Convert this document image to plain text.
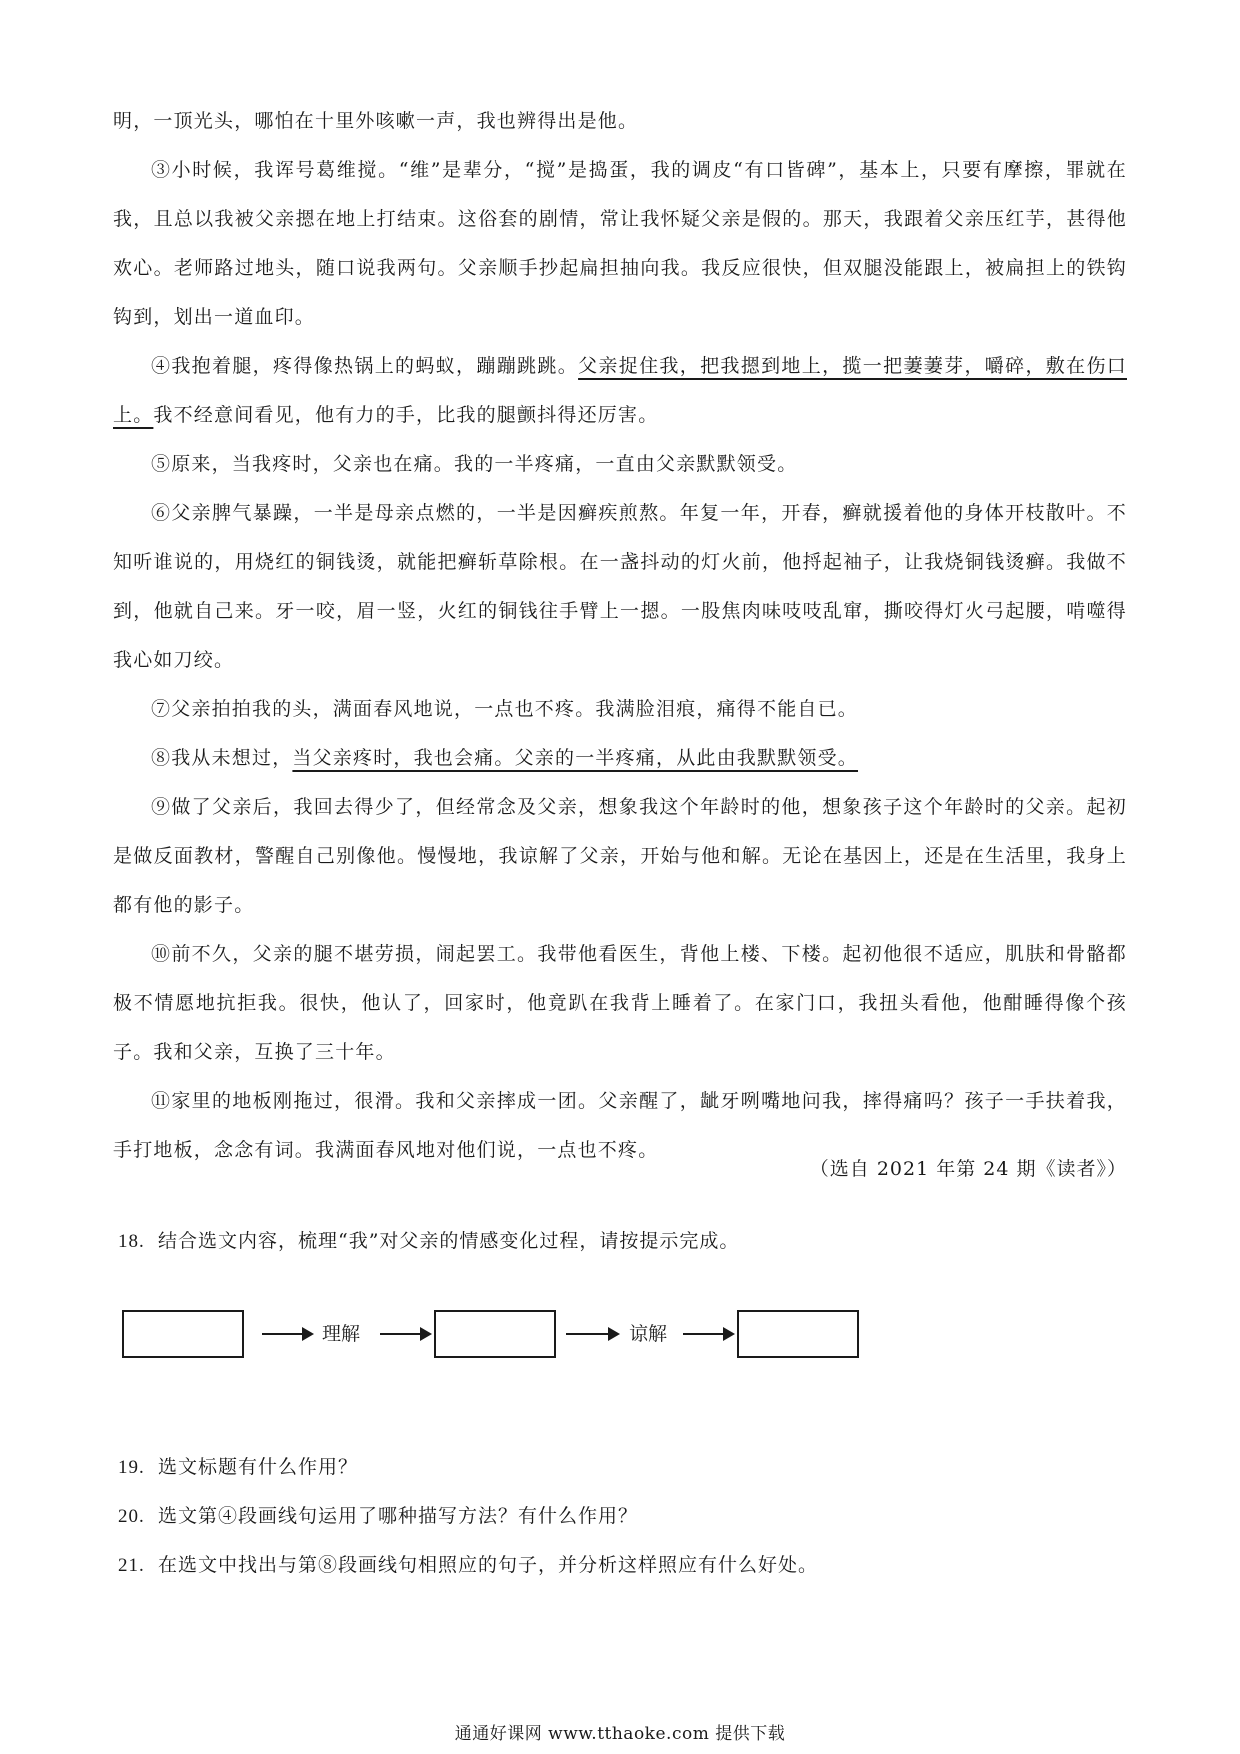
明，一顶光头，哪怕在十里外咳嗽一声，我也辨得出是他。

③小时候，我诨号葛维搅。“维”是辈分，“搅”是捣蛋，我的调皮“有口皆碑”，基本上，只要有摩擦，罪就在我，且总以我被父亲摁在地上打结束。这俗套的剧情，常让我怀疑父亲是假的。那天，我跟着父亲压红芋，甚得他欢心。老师路过地头，随口说我两句。父亲顺手抄起扁担抽向我。我反应很快，但双腿没能跟上，被扁担上的铁钩钩到，划出一道血印。

④我抱着腿，疼得像热锅上的蚂蚁，蹦蹦跳跳。父亲捉住我，把我摁到地上，揽一把萋萋芽，嚼碎，敷在伤口上。我不经意间看见，他有力的手，比我的腿颤抖得还厉害。

⑤原来，当我疼时，父亲也在痛。我的一半疼痛，一直由父亲默默领受。

⑥父亲脾气暴躁，一半是母亲点燃的，一半是因癣疾煎熬。年复一年，开春，癣就援着他的身体开枝散叶。不知听谁说的，用烧红的铜钱烫，就能把癣斩草除根。在一盏抖动的灯火前，他捋起袖子，让我烧铜钱烫癣。我做不到，他就自己来。牙一咬，眉一竖，火红的铜钱往手臂上一摁。一股焦肉味吱吱乱窜，撕咬得灯火弓起腰，啃噬得我心如刀绞。

⑦父亲拍拍我的头，满面春风地说，一点也不疼。我满脸泪痕，痛得不能自已。

⑧我从未想过，当父亲疼时，我也会痛。父亲的一半疼痛，从此由我默默领受。

⑨做了父亲后，我回去得少了，但经常念及父亲，想象我这个年龄时的他，想象孩子这个年龄时的父亲。起初是做反面教材，警醒自己别像他。慢慢地，我谅解了父亲，开始与他和解。无论在基因上，还是在生活里，我身上都有他的影子。

⑩前不久，父亲的腿不堪劳损，闹起罢工。我带他看医生，背他上楼、下楼。起初他很不适应，肌肤和骨骼都极不情愿地抗拒我。很快，他认了，回家时，他竟趴在我背上睡着了。在家门口，我扭头看他，他酣睡得像个孩子。我和父亲，互换了三十年。

⑪家里的地板刚拖过，很滑。我和父亲摔成一团。父亲醒了，龇牙咧嘴地问我，摔得痛吗？孩子一手扶着我，手打地板，念念有词。我满面春风地对他们说，一点也不疼。

（选自 2021 年第 24 期《读者》）
18. 结合选文内容，梳理“我”对父亲的情感变化过程，请按提示完成。
理解	谅解
19. 选文标题有什么作用？
20. 选文第④段画线句运用了哪种描写方法？有什么作用？
21. 在选文中找出与第⑧段画线句相照应的句子，并分析这样照应有什么好处。
通通好课网 www.tthaoke.com 提供下载
